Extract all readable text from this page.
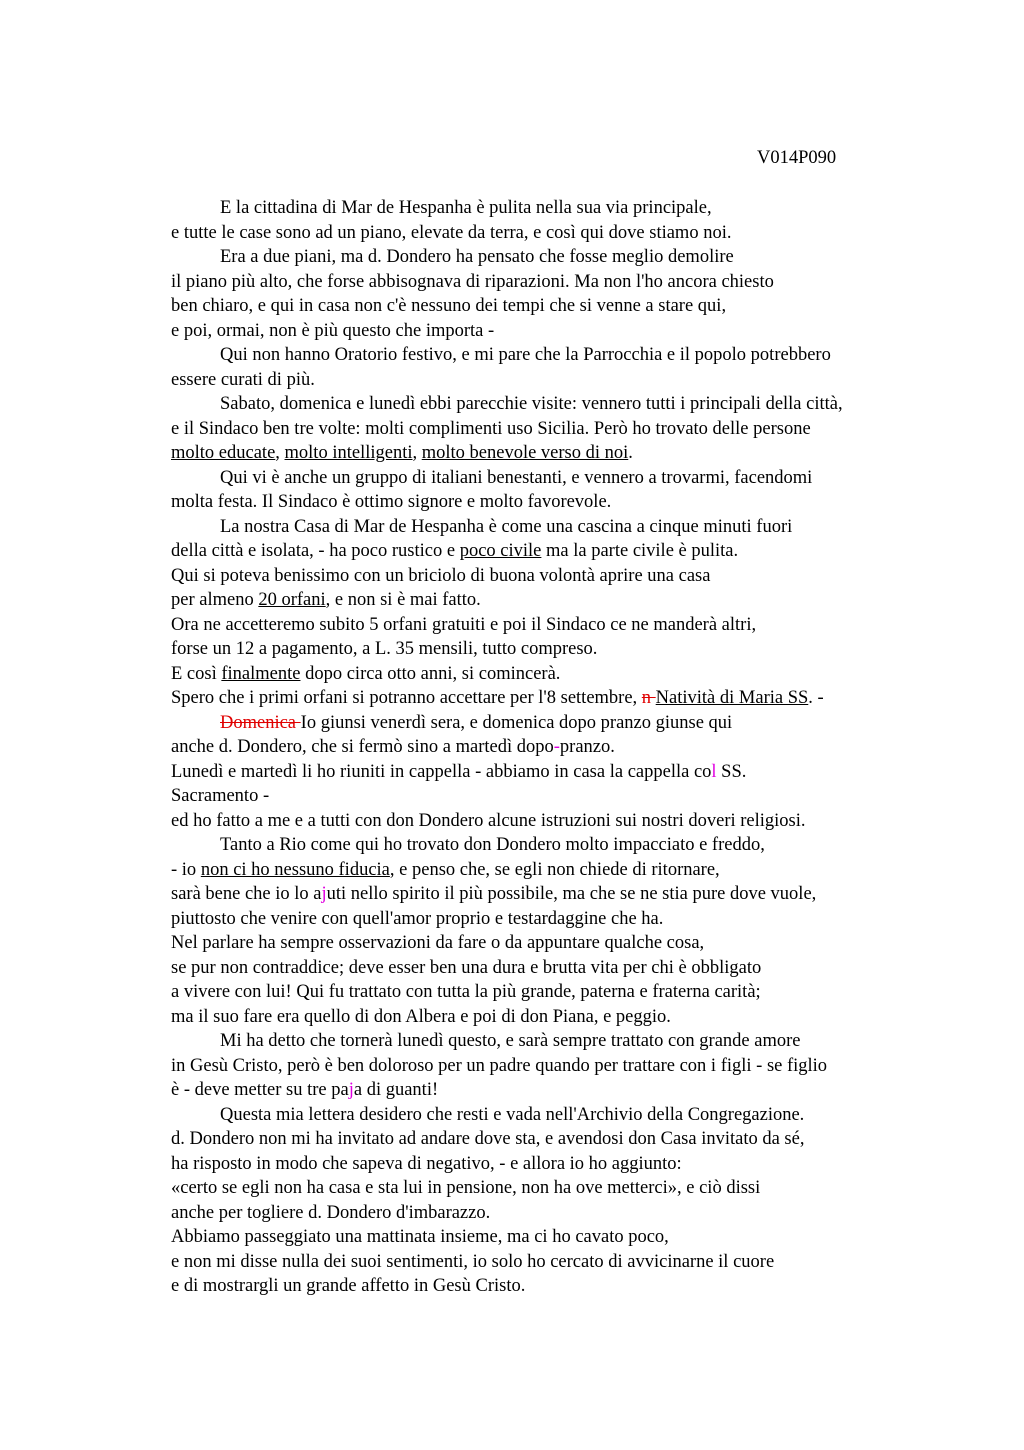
V014P090
E la cittadina di Mar de Hespanha è pulita nella sua via principale,
e tutte le case sono ad un piano, elevate da terra, e così qui dove stiamo noi.
Era a due piani, ma d. Dondero ha pensato che fosse meglio demolire
il piano più alto, che forse abbisognava di riparazioni. Ma non l'ho ancora chiesto
ben chiaro, e qui in casa non c'è nessuno dei tempi che si venne a stare qui,
e poi, ormai, non è più questo che importa -
Qui non hanno Oratorio festivo, e mi pare che la Parrocchia e il popolo potrebbero
essere curati di più.
Sabato, domenica e lunedì ebbi parecchie visite: vennero tutti i principali della città,
e il Sindaco ben tre volte: molti complimenti uso Sicilia. Però ho trovato delle persone
molto educate, molto intelligenti, molto benevole verso di noi.
Qui vi è anche un gruppo di italiani benestanti, e vennero a trovarmi, facendomi
molta festa. Il Sindaco è ottimo signore e molto favorevole.
La nostra Casa di Mar de Hespanha è come una cascina a cinque minuti fuori
della città e isolata, - ha poco rustico e poco civile ma la parte civile è pulita.
Qui si poteva benissimo con un briciolo di buona volontà aprire una casa
per almeno 20 orfani, e non si è mai fatto.
Ora ne accetteremo subito 5 orfani gratuiti e poi il Sindaco ce ne manderà altri,
forse un 12 a pagamento, a L. 35 mensili, tutto compreso.
E così finalmente dopo circa otto anni, si comincerà.
Spero che i primi orfani si potranno accettare per l'8 settembre, n Natività di Maria SS. -
Domenica Io giunsi venerdì sera, e domenica dopo pranzo giunse qui
anche d. Dondero, che si fermò sino a martedì dopo-pranzo.
Lunedì e martedì li ho riuniti in cappella - abbiamo in casa la cappella col SS.
Sacramento -
ed ho fatto a me e a tutti con don Dondero alcune istruzioni sui nostri doveri religiosi.
Tanto a Rio come qui ho trovato don Dondero molto impacciato e freddo,
- io non ci ho nessuno fiducia, e penso che, se egli non chiede di ritornare,
sarà bene che io lo ajuti nello spirito il più possibile, ma che se ne stia pure dove vuole,
piuttosto che venire con quell'amor proprio e testardaggine che ha.
Nel parlare ha sempre osservazioni da fare o da appuntare qualche cosa,
se pur non contraddice; deve esser ben una dura e brutta vita per chi è obbligato
a vivere con lui! Qui fu trattato con tutta la più grande, paterna e fraterna carità;
ma il suo fare era quello di don Albera e poi di don Piana, e peggio.
Mi ha detto che tornerà lunedì questo, e sarà sempre trattato con grande amore
in Gesù Cristo, però è ben doloroso per un padre quando per trattare con i figli - se figlio
è - deve metter su tre paja di guanti!
Questa mia lettera desidero che resti e vada nell'Archivio della Congregazione.
d. Dondero non mi ha invitato ad andare dove sta, e avendosi don Casa invitato da sé,
ha risposto in modo che sapeva di negativo, - e allora io ho aggiunto:
«certo se egli non ha casa e sta lui in pensione, non ha ove metterci», e ciò dissi
anche per togliere d. Dondero d'imbarazzo.
Abbiamo passeggiato una mattinata insieme, ma ci ho cavato poco,
e non mi disse nulla dei suoi sentimenti, io solo ho cercato di avvicinarne il cuore
e di mostrargli un grande affetto in Gesù Cristo.
